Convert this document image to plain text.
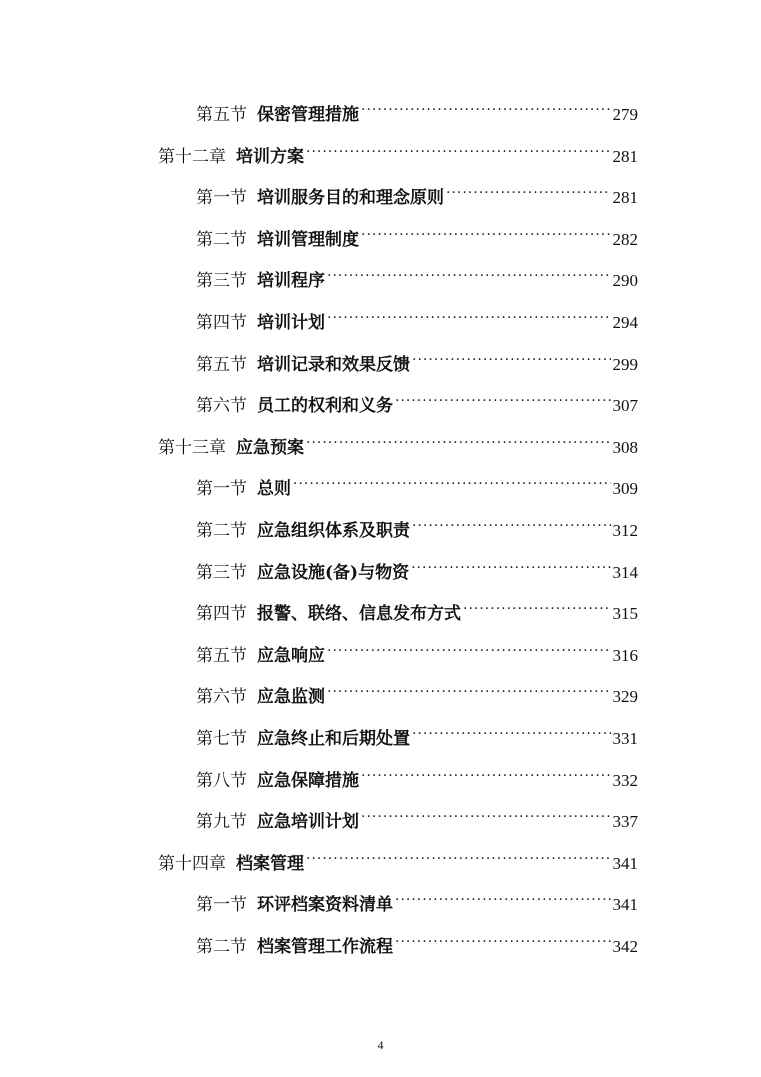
第五节 保密管理措施 .....	279
第十二章 培训方案 .....	281
第一节 培训服务目的和理念原则 .....	281
第二节 培训管理制度 .....	282
第三节 培训程序 .....	290
第四节 培训计划 .....	294
第五节 培训记录和效果反馈 .....	299
第六节 员工的权利和义务 .....	307
第十三章 应急预案 .....	308
第一节 总则 .....	309
第二节 应急组织体系及职责 .....	312
第三节 应急设施(备)与物资 .....	314
第四节 报警、联络、信息发布方式 .....	315
第五节 应急响应 .....	316
第六节 应急监测 .....	329
第七节 应急终止和后期处置 .....	331
第八节 应急保障措施 .....	332
第九节 应急培训计划 .....	337
第十四章 档案管理 .....	341
第一节 环评档案资料清单 .....	341
第二节 档案管理工作流程 .....	342
4
